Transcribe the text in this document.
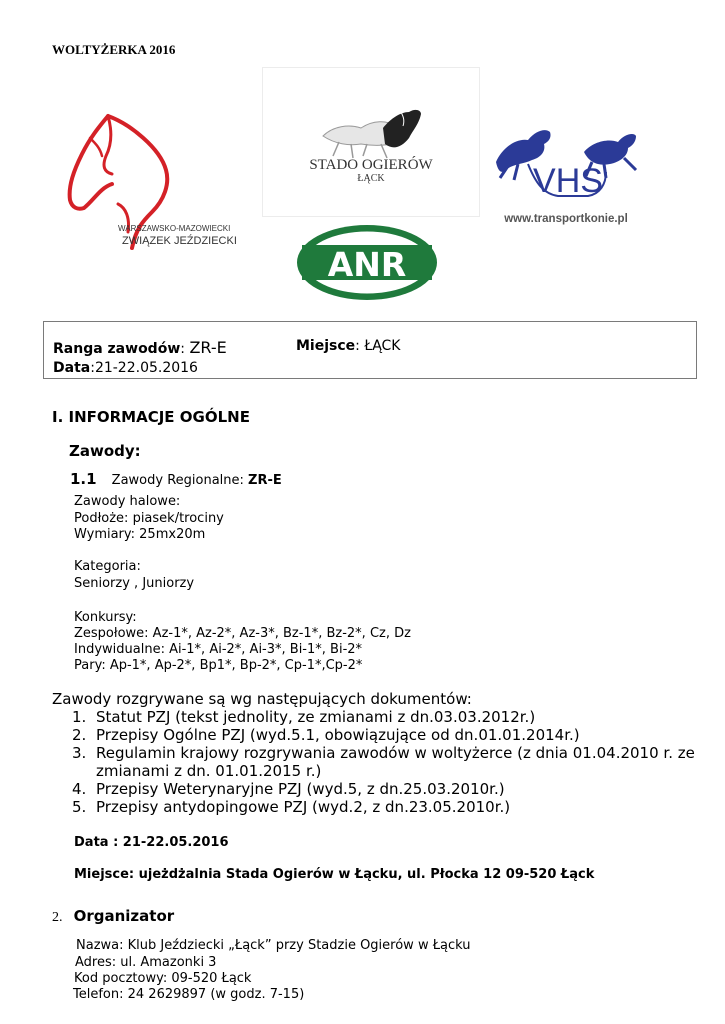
WOLTYŻERKA 2016
WARSZAWSKO-MAZOWIECKI
ZWIĄZEK JEŹDZIECKI
STADO OGIERÓW
ŁĄCK	VHS
www.transportkonie.pl
ANR
Ranga zawodów: ZR-E	Miejsce: ŁĄCK
Data:21-22.05.2016
I. INFORMACJE OGÓLNE
Zawody:
1.1 Zawody Regionalne: ZR-E
Zawody halowe:
Podłoże: piasek/trociny
Wymiary: 25mx20m
Kategoria:
Seniorzy , Juniorzy
Konkursy:
Zespołowe: Az-1*, Az-2*, Az-3*, Bz-1*, Bz-2*, Cz, Dz
Indywidualne: Ai-1*, Ai-2*, Ai-3*, Bi-1*, Bi-2*
Pary: Ap-1*, Ap-2*, Bp1*, Bp-2*, Cp-1*,Cp-2*
Zawody rozgrywane są wg następujących dokumentów:
1. Statut PZJ (tekst jednolity, ze zmianami z dn.03.03.2012r.)
2. Przepisy Ogólne PZJ (wyd.5.1, obowiązujące od dn.01.01.2014r.)
3. Regulamin krajowy rozgrywania zawodów w woltyżerce (z dnia 01.04.2010 r. ze zmianami z dn. 01.01.2015 r.)
4. Przepisy Weterynaryjne PZJ (wyd.5, z dn.25.03.2010r.)
5. Przepisy antydopingowe PZJ (wyd.2, z dn.23.05.2010r.)
Data : 21-22.05.2016
Miejsce: ujeżdżalnia Stada Ogierów w Łącku, ul. Płocka 12 09-520 Łąck
2. Organizator
Nazwa: Klub Jeździecki „Łąck” przy Stadzie Ogierów w Łącku
Adres: ul. Amazonki 3
Kod pocztowy: 09-520 Łąck
Telefon: 24 2629897 (w godz. 7-15)
